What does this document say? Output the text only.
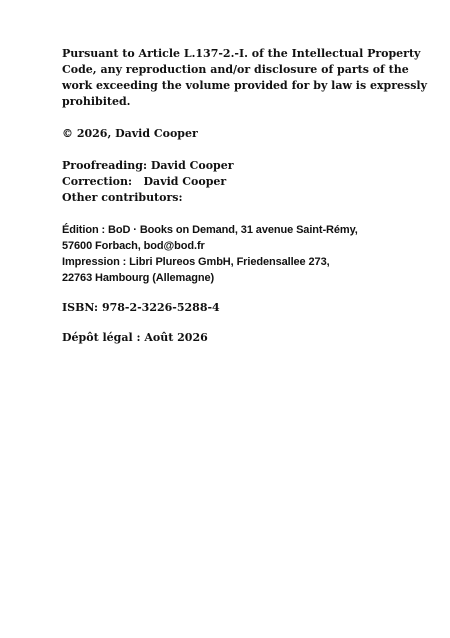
Pursuant to Article L.137-2.-I. of the Intellectual Property
Code, any reproduction and/or disclosure of parts of the
work exceeding the volume provided for by law is expressly
prohibited.
© 2026, David Cooper
Proofreading: David Cooper
Correction:   David Cooper
Other contributors:
Édition : BoD · Books on Demand, 31 avenue Saint-Rémy,
57600 Forbach, bod@bod.fr
Impression : Libri Plureos GmbH, Friedensallee 273,
22763 Hambourg (Allemagne)
ISBN: 978-2-3226-5288-4
Dépôt légal : Août 2026
